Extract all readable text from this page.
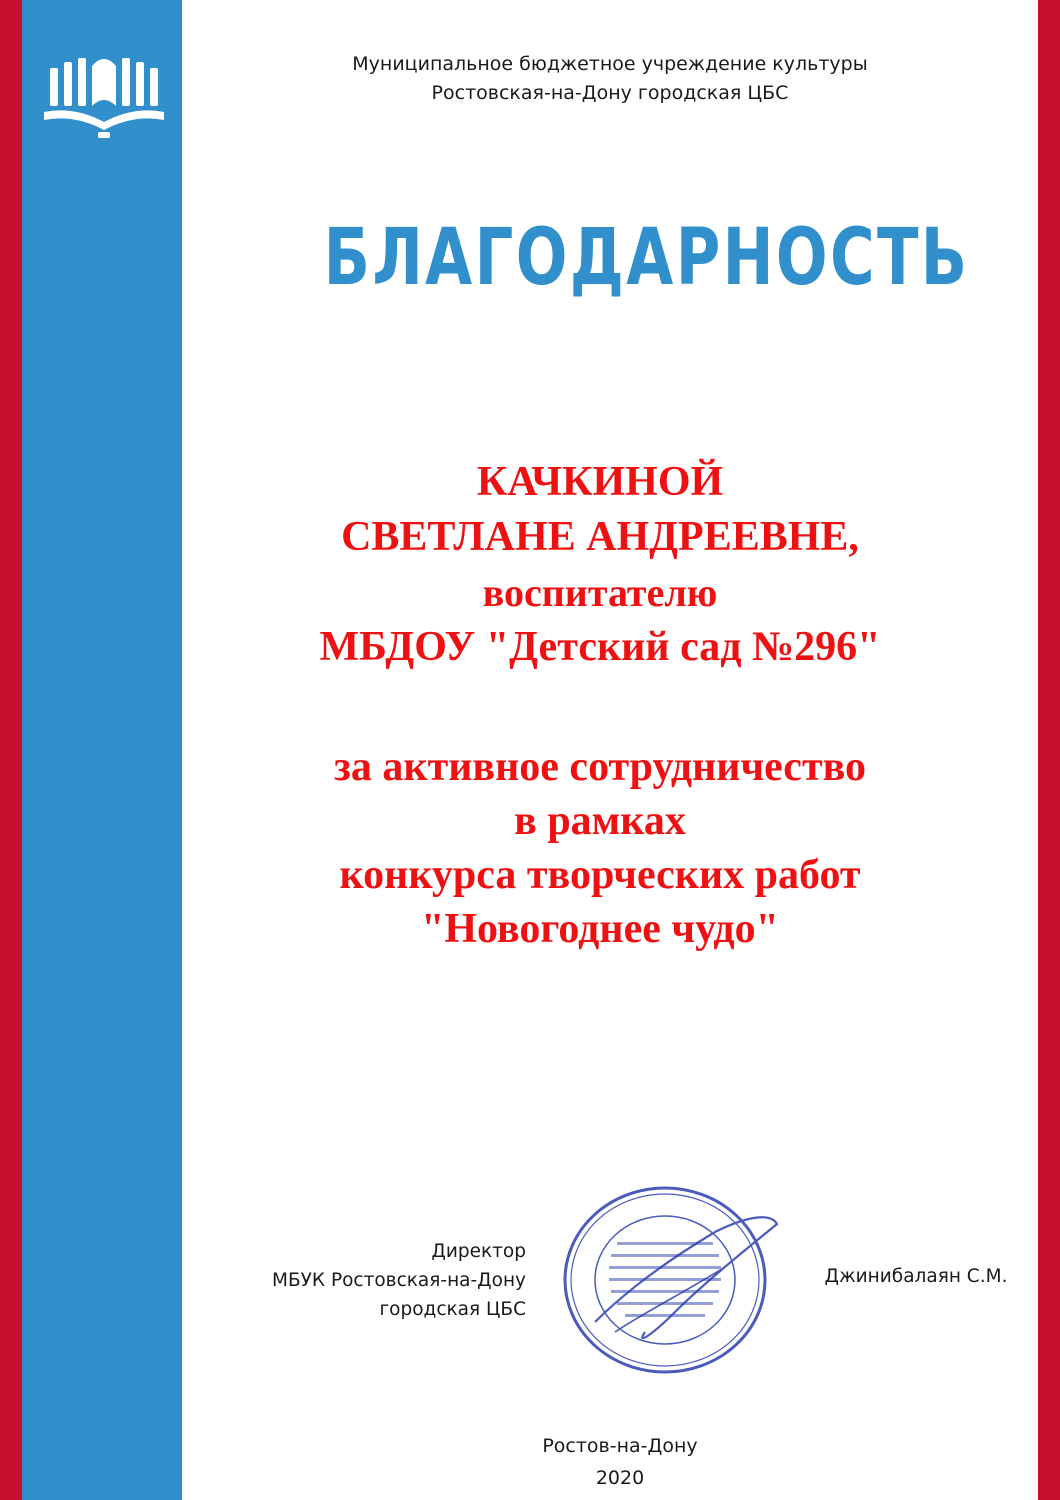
Муниципальное бюджетное учреждение культуры
Ростовская-на-Дону городская ЦБС
БЛАГОДАРНОСТЬ
КАЧКИНОЙ
СВЕТЛАНЕ АНДРЕЕВНЕ,
воспитателю
МБДОУ "Детский сад №296"
за активное сотрудничество
в рамках
конкурса творческих работ
"Новогоднее чудо"
Директор
МБУК Ростовская-на-Дону
городская ЦБС
Джинибалаян С.М.
Ростов-на-Дону
2020
